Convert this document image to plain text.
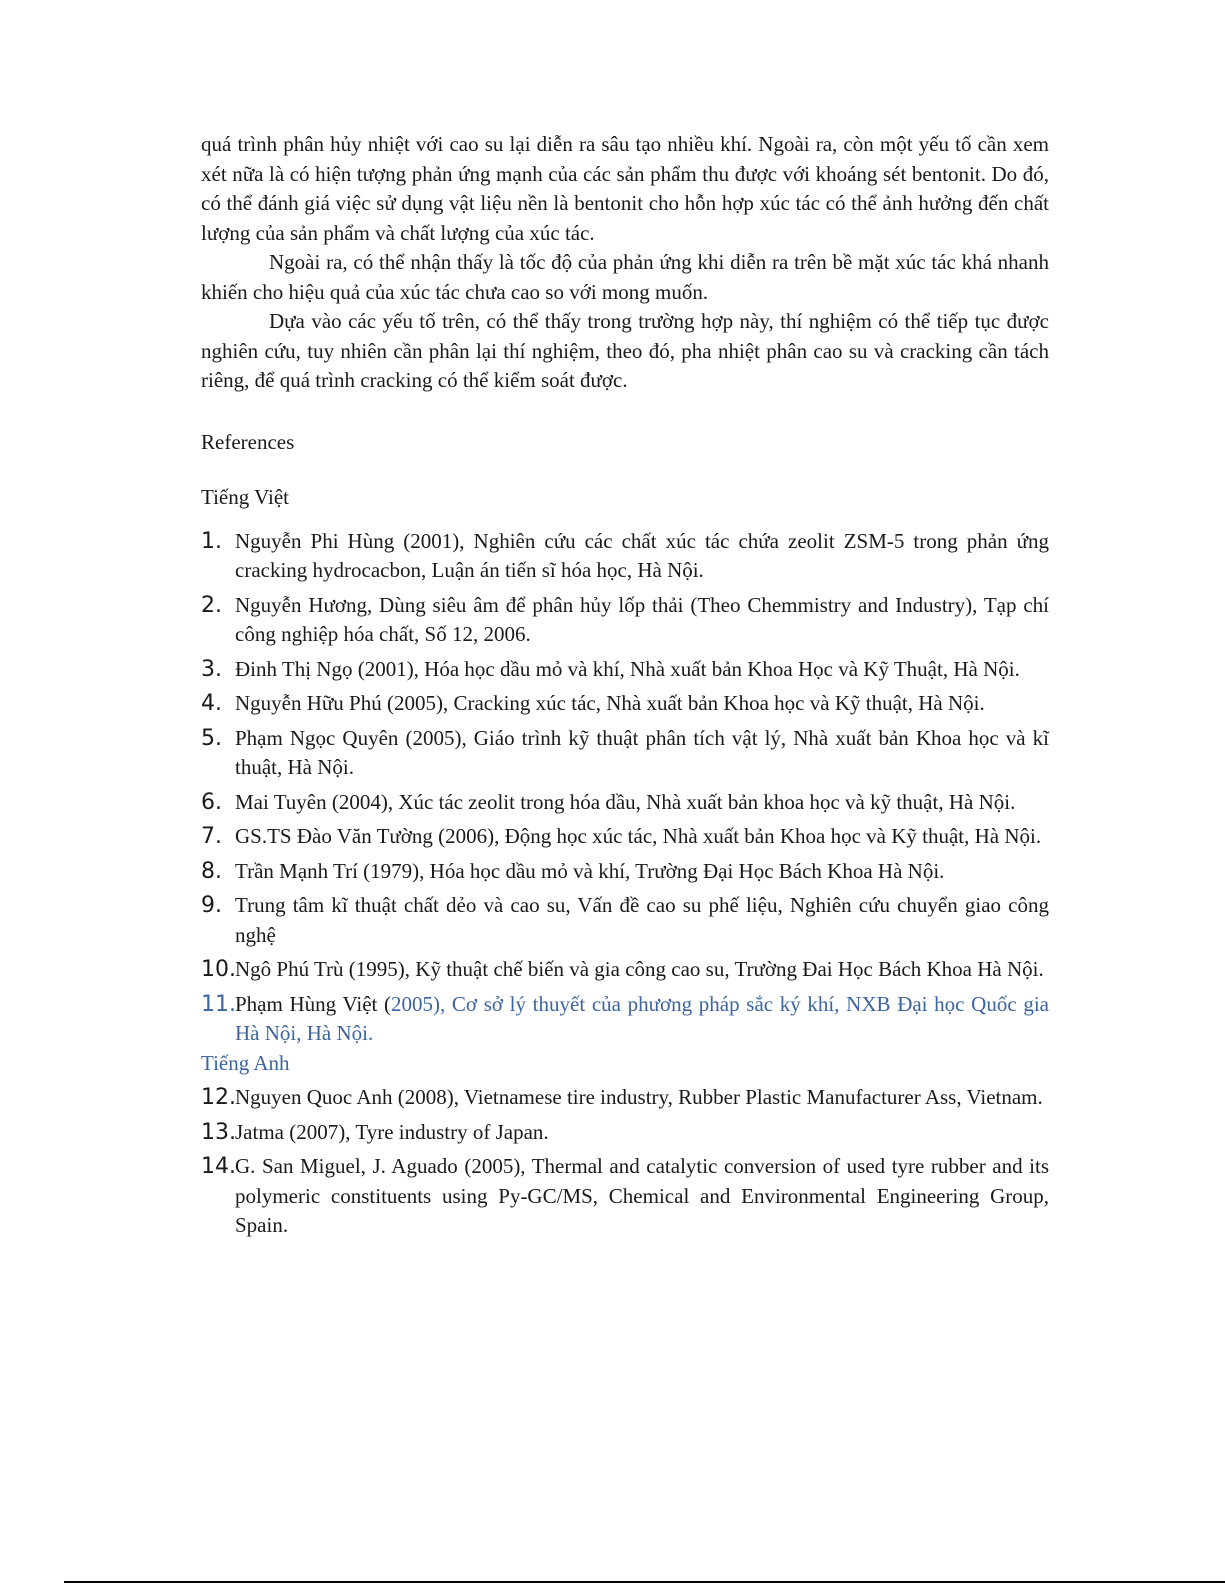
quá trình phân hủy nhiệt với cao su lại diễn ra sâu tạo nhiều khí. Ngoài ra, còn một yếu tố cần xem xét nữa là có hiện tượng phản ứng mạnh của các sản phẩm thu được với khoáng sét bentonit. Do đó, có thể đánh giá việc sử dụng vật liệu nền là bentonit cho hỗn hợp xúc tác có thể ảnh hưởng đến chất lượng của sản phẩm và chất lượng của xúc tác.

Ngoài ra, có thể nhận thấy là tốc độ của phản ứng khi diễn ra trên bề mặt xúc tác khá nhanh khiến cho hiệu quả của xúc tác chưa cao so với mong muốn.

Dựa vào các yếu tố trên, có thể thấy trong trường hợp này, thí nghiệm có thể tiếp tục được nghiên cứu, tuy nhiên cần phân lại thí nghiệm, theo đó, pha nhiệt phân cao su và cracking cần tách riêng, để quá trình cracking có thể kiểm soát được.

References

Tiếng Việt

1. Nguyễn Phi Hùng (2001), Nghiên cứu các chất xúc tác chứa zeolit ZSM-5 trong phản ứng cracking hydrocacbon, Luận án tiến sĩ hóa học, Hà Nội.
2. Nguyễn Hương, Dùng siêu âm để phân hủy lốp thải (Theo Chemmistry and Industry), Tạp chí công nghiệp hóa chất, Số 12, 2006.
3. Đinh Thị Ngọ (2001), Hóa học dầu mỏ và khí, Nhà xuất bản Khoa Học và Kỹ Thuật, Hà Nội.
4. Nguyễn Hữu Phú (2005), Cracking xúc tác, Nhà xuất bản Khoa học và Kỹ thuật, Hà Nội.
5. Phạm Ngọc Quyên (2005), Giáo trình kỹ thuật phân tích vật lý, Nhà xuất bản Khoa học và kĩ thuật, Hà Nội.
6. Mai Tuyên (2004), Xúc tác zeolit trong hóa dầu, Nhà xuất bản khoa học và kỹ thuật, Hà Nội.
7. GS.TS Đào Văn Tường (2006), Động học xúc tác, Nhà xuất bản Khoa học và Kỹ thuật, Hà Nội.
8. Trần Mạnh Trí (1979), Hóa học dầu mỏ và khí, Trường Đại Học Bách Khoa Hà Nội.
9. Trung tâm kĩ thuật chất dẻo và cao su, Vấn đề cao su phế liệu, Nghiên cứu chuyển giao công nghệ
10. Ngô Phú Trù (1995), Kỹ thuật chế biến và gia công cao su, Trường Đai Học Bách Khoa Hà Nội.
11. Phạm Hùng Việt (2005), Cơ sở lý thuyết của phương pháp sắc ký khí, NXB Đại học Quốc gia Hà Nội, Hà Nội.

Tiếng Anh

12. Nguyen Quoc Anh (2008), Vietnamese tire industry, Rubber Plastic Manufacturer Ass, Vietnam.
13. Jatma (2007), Tyre industry of Japan.
14. G. San Miguel, J. Aguado (2005), Thermal and catalytic conversion of used tyre rubber and its polymeric constituents using Py-GC/MS, Chemical and Environmental Engineering Group, Spain.
